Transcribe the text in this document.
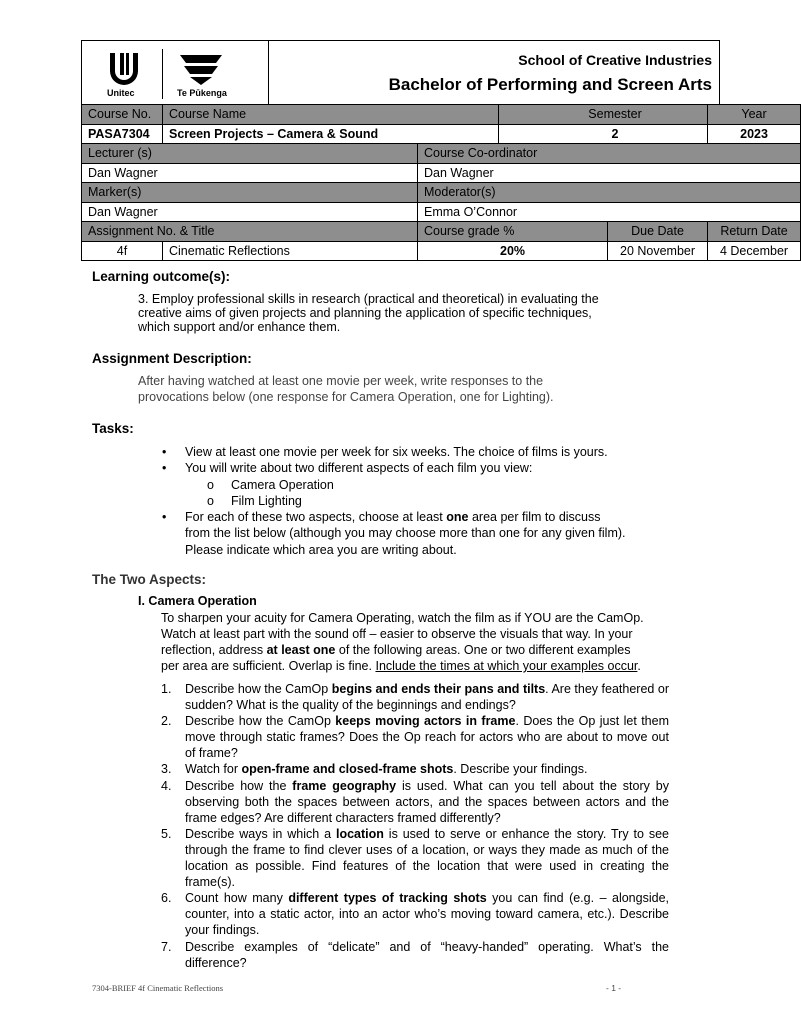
Unitec	Te Pūkenga
School of Creative Industries
Bachelor of Performing and Screen Arts
Course No.	Course Name		Semester		Year
PASA7304	Screen Projects – Camera & Sound		2		2023
Lecturer (s)		Course Co-ordinator			
Dan Wagner		Dan Wagner			
Marker(s)		Moderator(s)			
Dan Wagner		Emma O’Connor			
Assignment No. & Title		Course grade %		Due Date	Return Date
4f	Cinematic Reflections	20%		20 November	4 December
Learning outcome(s):
3. Employ professional skills in research (practical and theoretical) in evaluating the
creative aims of given projects and planning the application of specific techniques,
which support and/or enhance them.
Assignment Description:
After having watched at least one movie per week, write responses to the
provocations below (one response for Camera Operation, one for Lighting).
Tasks:
• View at least one movie per week for six weeks. The choice of films is yours.
• You will write about two different aspects of each film you view:
o Camera Operation
o Film Lighting
• For each of these two aspects, choose at least one area per film to discuss from the list below (although you may choose more than one for any given film). Please indicate which area you are writing about.
The Two Aspects:
I. Camera Operation
To sharpen your acuity for Camera Operating, watch the film as if YOU are the CamOp.
Watch at least part with the sound off – easier to observe the visuals that way. In your
reflection, address at least one of the following areas. One or two different examples
per area are sufficient. Overlap is fine. Include the times at which your examples occur.
1. Describe how the CamOp begins and ends their pans and tilts. Are they feathered or sudden? What is the quality of the beginnings and endings?
2. Describe how the CamOp keeps moving actors in frame. Does the Op just let them move through static frames? Does the Op reach for actors who are about to move out of frame?
3. Watch for open-frame and closed-frame shots. Describe your findings.
4. Describe how the frame geography is used. What can you tell about the story by observing both the spaces between actors, and the spaces between actors and the frame edges? Are different characters framed differently?
5. Describe ways in which a location is used to serve or enhance the story. Try to see through the frame to find clever uses of a location, or ways they made as much of the location as possible. Find features of the location that were used in creating the frame(s).
6. Count how many different types of tracking shots you can find (e.g. – alongside, counter, into a static actor, into an actor who’s moving toward camera, etc.). Describe your findings.
7. Describe examples of “delicate” and of “heavy-handed” operating. What’s the difference?
7304-BRIEF 4f Cinematic Reflections	- 1 -
